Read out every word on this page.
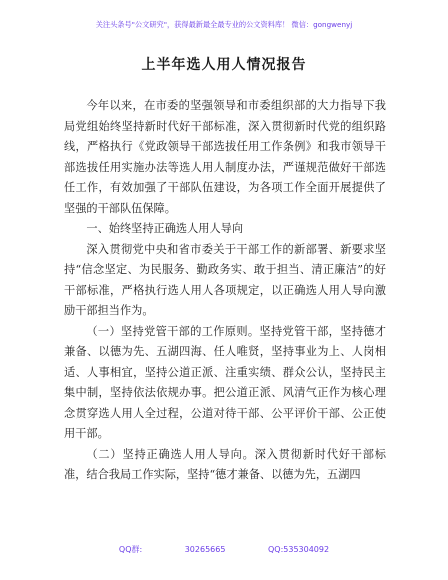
关注头条号"公文研究"，获得最新最全最专业的公文资料库！ 微信：gongwenyj
上半年选人用人情况报告

今年以来，在市委的坚强领导和市委组织部的大力指导下我局党组始终坚持新时代好干部标准，深入贯彻新时代党的组织路线，严格执行《党政领导干部选拔任用工作条例》和我市领导干部选拔任用实施办法等选人用人制度办法，严谨规范做好干部选任工作，有效加强了干部队伍建设，为各项工作全面开展提供了坚强的干部队伍保障。

一、始终坚持正确选人用人导向

深入贯彻党中央和省市委关于干部工作的新部署、新要求坚持“信念坚定、为民服务、勤政务实、敢于担当、清正廉洁”的好干部标准，严格执行选人用人各项规定，以正确选人用人导向激励干部担当作为。

（一）坚持党管干部的工作原则。坚持党管干部，坚持德才兼备、以德为先、五湖四海、任人唯贤，坚持事业为上、人岗相适、人事相宜，坚持公道正派、注重实绩、群众公认，坚持民主集中制，坚持依法依规办事。把公道正派、风清气正作为核心理念贯穿选人用人全过程，公道对待干部、公平评价干部、公正使用干部。

（二）坚持正确选人用人导向。深入贯彻新时代好干部标准，结合我局工作实际，坚持“德才兼备、以德为先，五湖四

QQ群: 30265665 QQ:535304092
